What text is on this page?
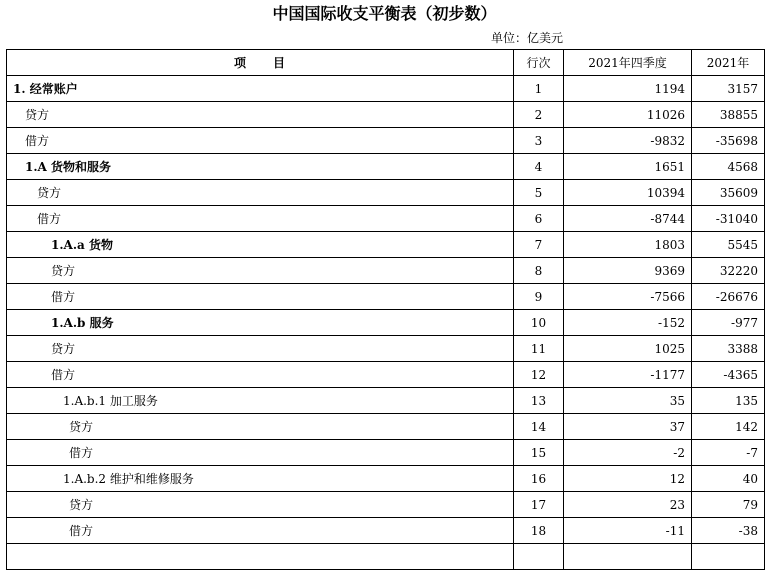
中国国际收支平衡表（初步数）
单位：亿美元
项　　目	行次	2021年四季度	2021年
1. 经常账户	1	1194	3157
贷方	2	11026	38855
借方	3	-9832	-35698
1.A 货物和服务	4	1651	4568
贷方	5	10394	35609
借方	6	-8744	-31040
1.A.a 货物	7	1803	5545
贷方	8	9369	32220
借方	9	-7566	-26676
1.A.b 服务	10	-152	-977
贷方	11	1025	3388
借方	12	-1177	-4365
1.A.b.1 加工服务	13	35	135
贷方	14	37	142
借方	15	-2	-7
1.A.b.2 维护和维修服务	16	12	40
贷方	17	23	79
借方	18	-11	-38
